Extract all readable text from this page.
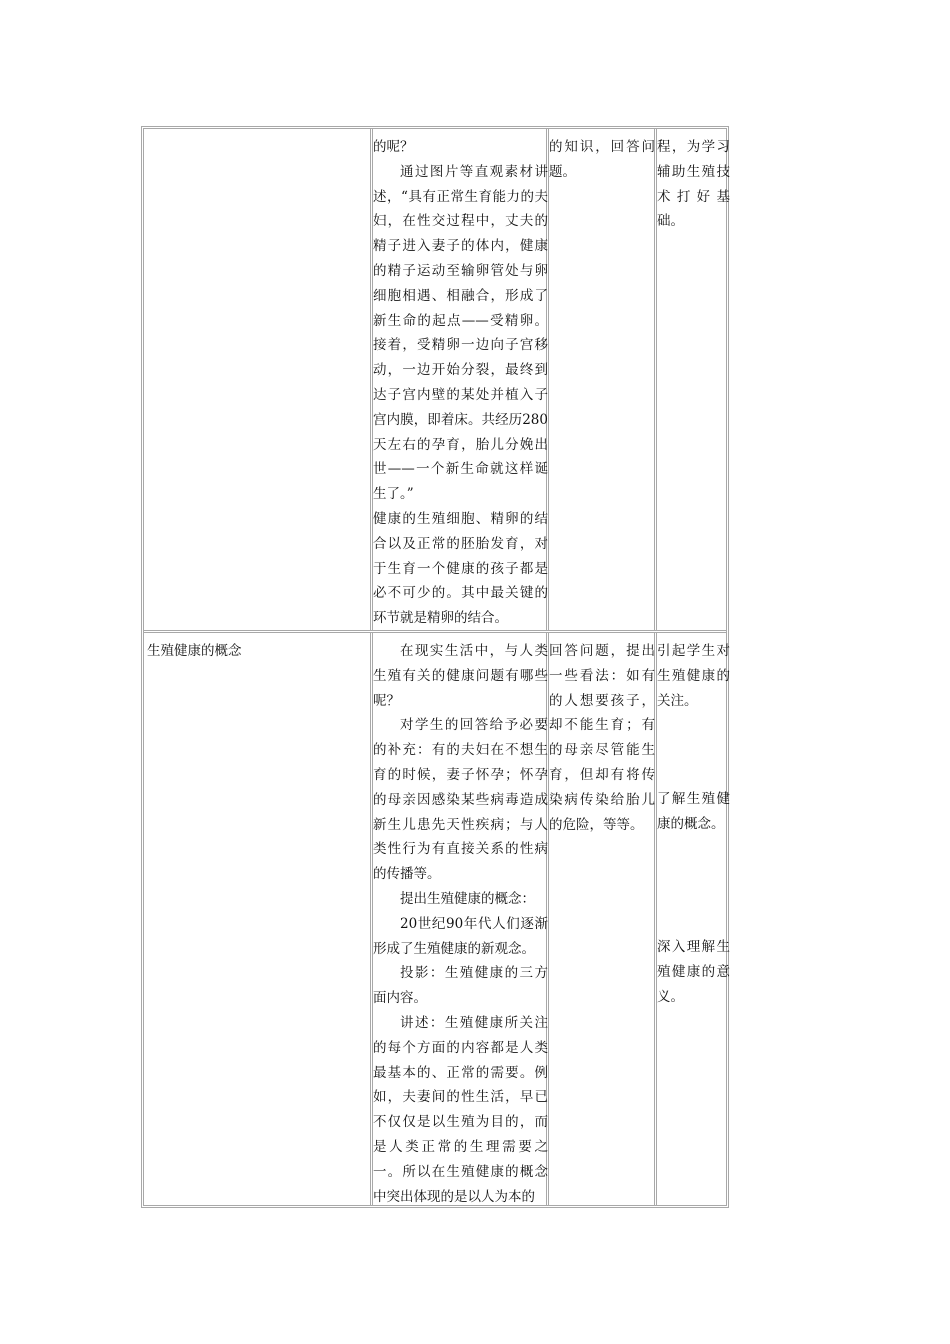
的呢？

通过图片等直观素材讲述，“具有正常生育能力的夫妇，在性交过程中，丈夫的精子进入妻子的体内，健康的精子运动至输卵管处与卵细胞相遇、相融合，形成了新生命的起点——受精卵。接着，受精卵一边向子宫移动，一边开始分裂，最终到达子宫内壁的某处并植入子宫内膜，即着床。共经历280天左右的孕育，胎儿分娩出世——一个新生命就这样诞生了。”

健康的生殖细胞、精卵的结合以及正常的胚胎发育，对于生育一个健康的孩子都是必不可少的。其中最关键的环节就是精卵的结合。

的知识，回答问题。

程，为学习辅助生殖技术打好基础。

生殖健康的概念	在现实生活中，与人类生殖有关的健康问题有哪些呢？

对学生的回答给予必要的补充：有的夫妇在不想生育的时候，妻子怀孕；怀孕的母亲因感染某些病毒造成新生儿患先天性疾病；与人类性行为有直接关系的性病的传播等。

提出生殖健康的概念：

20世纪90年代人们逐渐形成了生殖健康的新观念。

投影：生殖健康的三方面内容。

讲述：生殖健康所关注的每个方面的内容都是人类最基本的、正常的需要。例如，夫妻间的性生活，早已不仅仅是以生殖为目的，而是人类正常的生理需要之一。所以在生殖健康的概念中突出体现的是以人为本的

回答问题，提出一些看法：如有的人想要孩子，却不能生育；有的母亲尽管能生育，但却有将传染病传染给胎儿的危险，等等。

引起学生对生殖健康的关注。

了解生殖健康的概念。

深入理解生殖健康的意义。
